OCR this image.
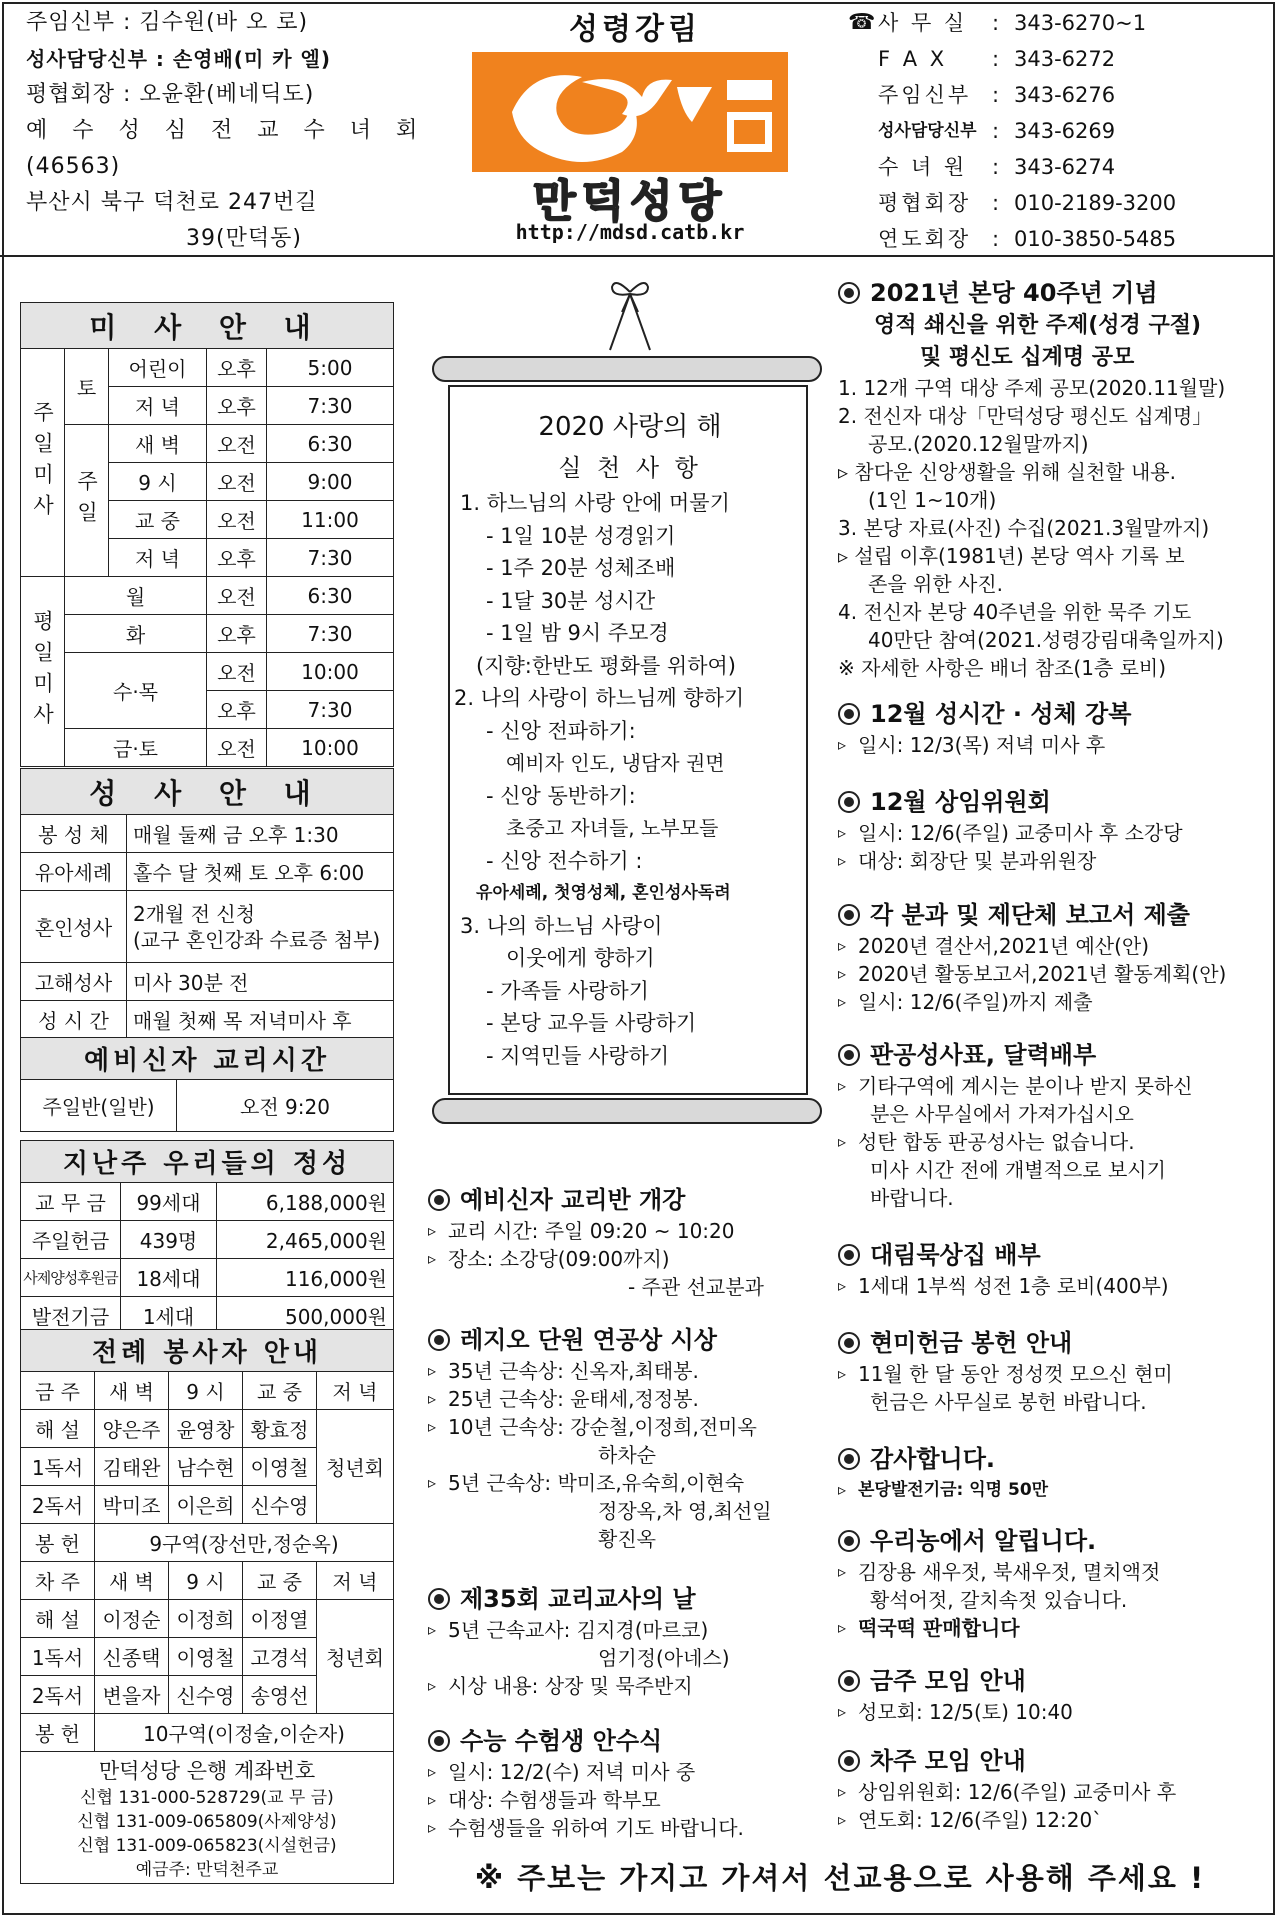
주임신부 : 김수원(바 오 로)
성사담당신부 : 손영배(미 카 엘)
평협회장 : 오윤환(베네딕도)
예 수 성 심 전 교 수 녀 회
(46563)
부산시 북구 덕천로 247번길
39(만덕동)
성령강림
만덕성당
http://mdsd.catb.kr
☎ 사 무 실	: 343-6270~1
F A X	: 343-6272
주임신부 : 343-6276
성사담당신부 : 343-6269
수 녀 원	: 343-6274
평협회장 : 010-2189-3200
연도회장 : 010-3850-5485
미 사 안 내				
주일미사	토	어린이	오후	5:00
		저 녁	오후	7:30
	주일	새 벽	오전	6:30
		9 시	오전	9:00
		교 중	오전	11:00
		저 녁	오후	7:30
평일미사	월		오전	6:30
	화		오후	7:30
	수·목		오전	10:00
			오후	7:30
	금·토		오전	10:00
성 사 안 내	
봉 성 체	매월 둘째 금 오후 1:30
유아세례	홀수 달 첫째 토 오후 6:00
혼인성사	2개월 전 신청
(교구 혼인강좌 수료증 첨부)

고해성사	미사 30분 전
성 시 간	매월 첫째 목 저녁미사 후
예비신자 교리시간
주일반(일반)	오전 9:20
지난주 우리들의 정성		
교 무 금	99세대	6,188,000원
주일헌금	439명	2,465,000원
사제양성후원금	18세대	116,000원
발전기금	1세대	500,000원
전례 봉사자 안내				
금 주	새 벽	9 시	교 중	저 녁
해 설	양은주	윤영창	황효정	청년회
1독서	김태완	남수현	이영철	
2독서	박미조	이은희	신수영	
봉 헌	9구역(장선만,정순옥)			
차 주	새 벽	9 시	교 중	저 녁
해 설	이정순	이정희	이정열	청년회
1독서	신종택	이영철	고경석	
2독서	변을자	신수영	송영선	
봉 헌	10구역(이정술,이순자)			

만덕성당 은행 계좌번호
신협 131-000-528729(교 무 금)
신협 131-009-065809(사제양성)
신협 131-009-065823(시설헌금)
예금주: 만덕천주교				
2020 사랑의 해
실 천 사 항
1. 하느님의 사랑 안에 머물기
- 1일 10분 성경읽기
- 1주 20분 성체조배
- 1달 30분 성시간
- 1일 밤 9시 주모경
(지향:한반도 평화를 위하여)
2. 나의 사랑이 하느님께 향하기
- 신앙 전파하기:
예비자 인도, 냉담자 권면
- 신앙 동반하기:
초중고 자녀들, 노부모들
- 신앙 전수하기 :
유아세례, 첫영성체, 혼인성사독려
3. 나의 하느님 사랑이
이웃에게 향하기
- 가족들 사랑하기
- 본당 교우들 사랑하기
- 지역민들 사랑하기
예비신자 교리반 개강
▹ 교리 시간: 주일 09:20 ~ 10:20
▹ 장소: 소강당(09:00까지)
- 주관 선교분과
레지오 단원 연공상 시상
▹ 35년 근속상: 신옥자,최태봉.
▹ 25년 근속상: 윤태세,정정봉.
▹ 10년 근속상: 강순철,이정희,전미옥
하차순
▹ 5년 근속상: 박미조,유숙희,이현숙
정장옥,차 영,최선일
황진옥
제35회 교리교사의 날
▹ 5년 근속교사: 김지경(마르코)
엄기정(아네스)
▹ 시상 내용: 상장 및 묵주반지
수능 수험생 안수식
▹ 일시: 12/2(수) 저녁 미사 중
▹ 대상: 수험생들과 학부모
▹ 수험생들을 위하여 기도 바랍니다.
2021년 본당 40주년 기념
영적 쇄신을 위한 주제(성경 구절)
및 평신도 십계명 공모
1. 12개 구역 대상 주제 공모(2020.11월말)
2. 전신자 대상「만덕성당 평신도 십계명」
공모.(2020.12월말까지)
▹ 참다운 신앙생활을 위해 실천할 내용.
(1인 1~10개)
3. 본당 자료(사진) 수집(2021.3월말까지)
▹ 설립 이후(1981년) 본당 역사 기록 보
존을 위한 사진.
4. 전신자 본당 40주년을 위한 묵주 기도
40만단 참여(2021.성령강림대축일까지)
※ 자세한 사항은 배너 참조(1층 로비)
12월 성시간 · 성체 강복
▹ 일시: 12/3(목) 저녁 미사 후
12월 상임위원회
▹ 일시: 12/6(주일) 교중미사 후 소강당
▹ 대상: 회장단 및 분과위원장
각 분과 및 제단체 보고서 제출
▹ 2020년 결산서,2021년 예산(안)
▹ 2020년 활동보고서,2021년 활동계획(안)
▹ 일시: 12/6(주일)까지 제출
판공성사표, 달력배부
▹ 기타구역에 계시는 분이나 받지 못하신
분은 사무실에서 가져가십시오
▹ 성탄 합동 판공성사는 없습니다.
미사 시간 전에 개별적으로 보시기
바랍니다.
대림묵상집 배부
▹ 1세대 1부씩 성전 1층 로비(400부)
현미헌금 봉헌 안내
▹ 11월 한 달 동안 정성껏 모으신 현미
헌금은 사무실로 봉헌 바랍니다.
감사합니다.
▹ 본당발전기금: 익명 50만
우리농에서 알립니다.
▹ 김장용 새우젓, 북새우젓, 멸치액젓
황석어젓, 갈치속젓 있습니다.
▹ 떡국떡 판매합니다
금주 모임 안내
▹ 성모회: 12/5(토) 10:40
차주 모임 안내
▹ 상임위원회: 12/6(주일) 교중미사 후
▹ 연도회: 12/6(주일) 12:20`
※ 주보는 가지고 가셔서 선교용으로 사용해 주세요 !
